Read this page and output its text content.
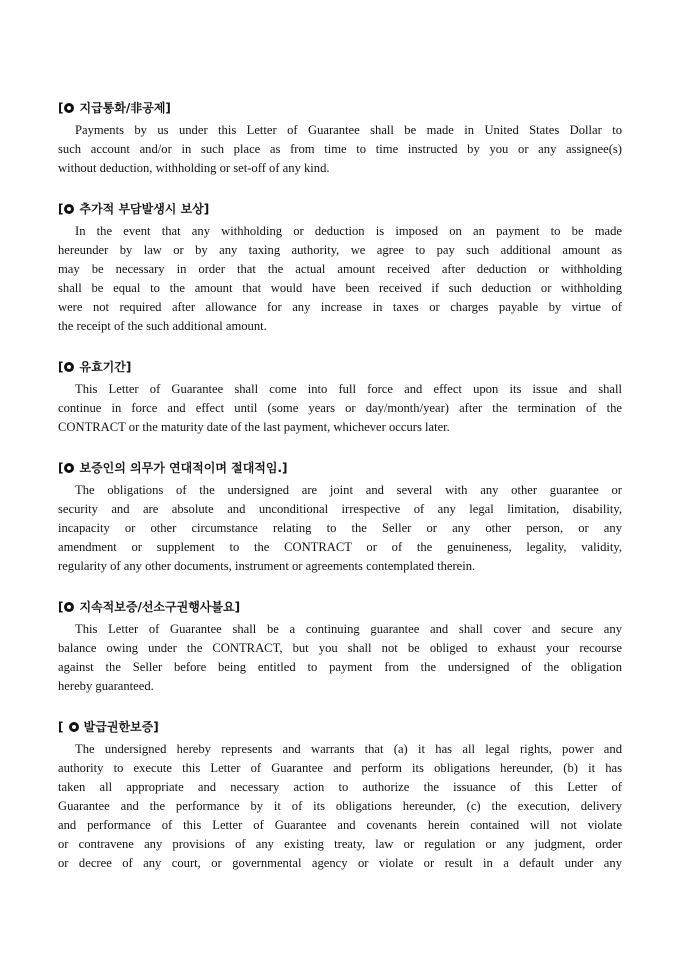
[ 지급통화/非공제]
Payments by us under this Letter of Guarantee shall be made in United States Dollar to
such account and/or in such place as from time to time instructed by you or any assignee(s)
without deduction, withholding or set-off of any kind.
[ 추가적 부담발생시 보상]
In the event that any withholding or deduction is imposed on an payment to be made
hereunder by law or by any taxing authority, we agree to pay such additional amount as
may be necessary in order that the actual amount received after deduction or withholding
shall be equal to the amount that would have been received if such deduction or withholding
were not required after allowance for any increase in taxes or charges payable by virtue of
the receipt of the such additional amount.
[ 유효기간]
This Letter of Guarantee shall come into full force and effect upon its issue and shall
continue in force and effect until (some years or day/month/year) after the termination of the
CONTRACT or the maturity date of the last payment, whichever occurs later.
[ 보증인의 의무가 연대적이며 절대적임.]
The obligations of the undersigned are joint and several with any other guarantee or
security and are absolute and unconditional irrespective of any legal limitation, disability,
incapacity or other circumstance relating to the Seller or any other person, or any
amendment or supplement to the CONTRACT or of the genuineness, legality, validity,
regularity of any other documents, instrument or agreements contemplated therein.
[ 지속적보증/선소구권행사불요]
This Letter of Guarantee shall be a continuing guarantee and shall cover and secure any
balance owing under the CONTRACT, but you shall not be obliged to exhaust your recourse
against the Seller before being entitled to payment from the undersigned of the obligation
hereby guaranteed.
[ 발급권한보증]
The undersigned hereby represents and warrants that (a) it has all legal rights, power and
authority to execute this Letter of Guarantee and perform its obligations hereunder, (b) it has
taken all appropriate and necessary action to authorize the issuance of this Letter of
Guarantee and the performance by it of its obligations hereunder, (c) the execution, delivery
and performance of this Letter of Guarantee and covenants herein contained will not violate
or contravene any provisions of any existing treaty, law or regulation or any judgment, order
or decree of any court, or governmental agency or violate or result in a default under any
